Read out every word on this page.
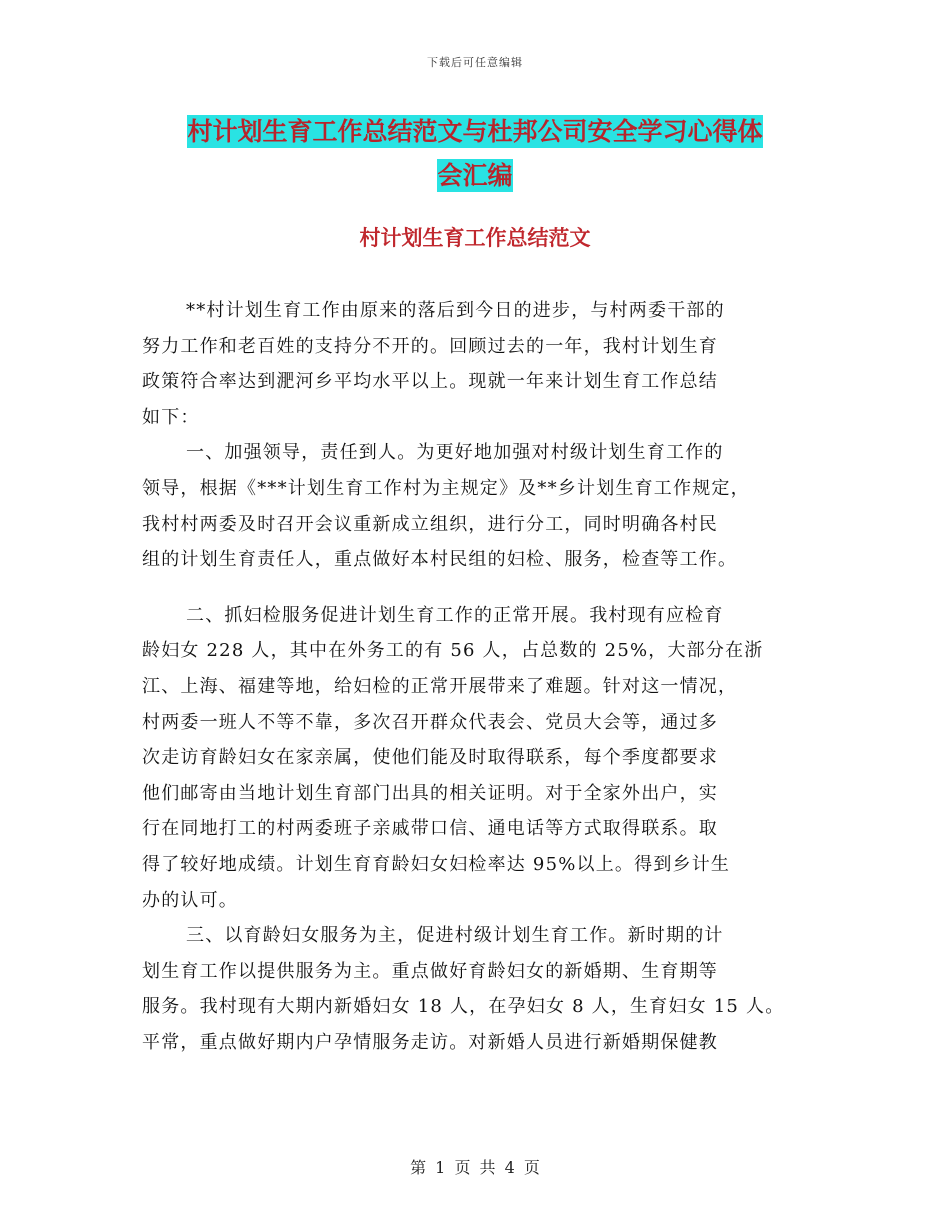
下载后可任意编辑
村计划生育工作总结范文与杜邦公司安全学习心得体
会汇编
村计划生育工作总结范文
**村计划生育工作由原来的落后到今日的进步，与村两委干部的
努力工作和老百姓的支持分不开的。回顾过去的一年，我村计划生育
政策符合率达到淝河乡平均水平以上。现就一年来计划生育工作总结
如下：
一、加强领导，责任到人。为更好地加强对村级计划生育工作的
领导，根据《***计划生育工作村为主规定》及**乡计划生育工作规定，
我村村两委及时召开会议重新成立组织，进行分工，同时明确各村民
组的计划生育责任人，重点做好本村民组的妇检、服务，检查等工作。
二、抓妇检服务促进计划生育工作的正常开展。我村现有应检育
龄妇女 228 人，其中在外务工的有 56 人，占总数的 25%，大部分在浙
江、上海、福建等地，给妇检的正常开展带来了难题。针对这一情况，
村两委一班人不等不靠，多次召开群众代表会、党员大会等，通过多
次走访育龄妇女在家亲属，使他们能及时取得联系，每个季度都要求
他们邮寄由当地计划生育部门出具的相关证明。对于全家外出户，实
行在同地打工的村两委班子亲戚带口信、通电话等方式取得联系。取
得了较好地成绩。计划生育育龄妇女妇检率达 95%以上。得到乡计生
办的认可。
三、以育龄妇女服务为主，促进村级计划生育工作。新时期的计
划生育工作以提供服务为主。重点做好育龄妇女的新婚期、生育期等
服务。我村现有大期内新婚妇女 18 人，在孕妇女 8 人，生育妇女 15 人。
平常，重点做好期内户孕情服务走访。对新婚人员进行新婚期保健教
第 1 页 共 4 页
